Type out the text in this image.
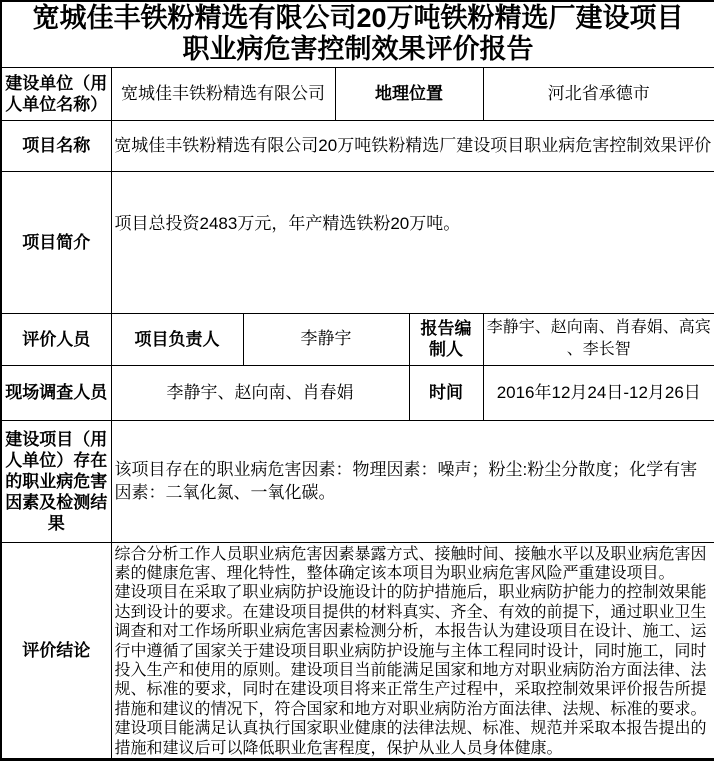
宽城佳丰铁粉精选有限公司20万吨铁粉精选厂建设项目职业病危害控制效果评价报告					
建设单位（用人单位名称）	宽城佳丰铁粉精选有限公司		地理位置		河北省承德市
项目名称	宽城佳丰铁粉精选有限公司20万吨铁粉精选厂建设项目职业病危害控制效果评价				
项目简介	项目总投资2483万元，年产精选铁粉20万吨。				
评价人员	项目负责人	李静宇		报告编制人	李静宇、赵向南、肖春娟、高宾、李长智
现场调查人员	李静宇、赵向南、肖春娟			时间	2016年12月24日-12月26日
建设项目（用人单位）存在的职业病危害因素及检测结果	该项目存在的职业病危害因素：物理因素：噪声；粉尘:粉尘分散度；化学有害因素：二氧化氮、一氧化碳。				
评价结论	综合分析工作人员职业病危害因素暴露方式、接触时间、接触水平以及职业病危害因素的健康危害、理化特性，整体确定该本项目为职业病危害风险严重建设项目。
建设项目在采取了职业病防护设施设计的防护措施后，职业病防护能力的控制效果能达到设计的要求。在建设项目提供的材料真实、齐全、有效的前提下，通过职业卫生调查和对工作场所职业病危害因素检测分析，本报告认为建设项目在设计、施工、运行中遵循了国家关于建设项目职业病防护设施与主体工程同时设计，同时施工，同时投入生产和使用的原则。建设项目当前能满足国家和地方对职业病防治方面法律、法规、标准的要求，同时在建设项目将来正常生产过程中，采取控制效果评价报告所提措施和建议的情况下，符合国家和地方对职业病防治方面法律、法规、标准的要求。建设项目能满足认真执行国家职业健康的法律法规、标准、规范并采取本报告提出的措施和建议后可以降低职业危害程度，保护从业人员身体健康。				
